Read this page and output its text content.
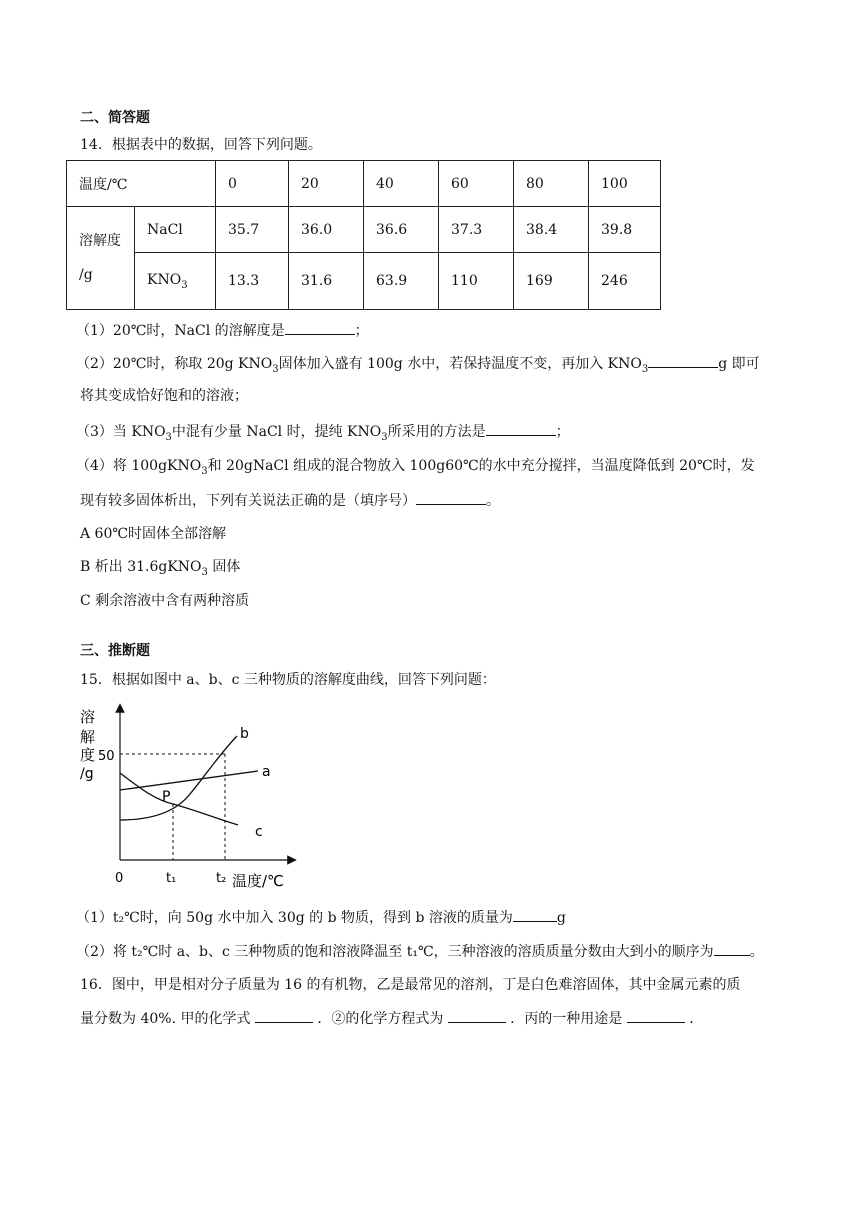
二、简答题
14．根据表中的数据，回答下列问题。
温度/℃		0	20	40	60	80	100

溶解度
/g	NaCl	35.7	36.0	36.6	37.3	38.4	39.8
	$KNO_3$	13.3	31.6	63.9	110	169	246
（1）20℃时，NaCl 的溶解度是	；
（2）20℃时，称取 20g $KNO_3$固体加入盛有 100g 水中，若保持温度不变，再加入 $KNO_3$	g 即可
将其变成恰好饱和的溶液；
（3）当 $KNO_3$中混有少量 NaCl 时，提纯 $KNO_3$所采用的方法是	；
（4）将 100gKNO$_3$和 20gNaCl 组成的混合物放入 100g60℃的水中充分搅拌，当温度降低到 20℃时，发
现有较多固体析出，下列有关说法正确的是（填序号）	。
A 60℃时固体全部溶解
B 析出 31.6gKNO$_3$ 固体
C 剩余溶液中含有两种溶质
三、推断题
15．根据如图中 a、b、c 三种物质的溶解度曲线，回答下列问题：
溶
解
度
/g
50
0	t₁	t₂ 温度/℃
P
a
b
c
（1）t₂℃时，向 50g 水中加入 30g 的 b 物质，得到 b 溶液的质量为	g
（2）将 t₂℃时 a、b、c 三种物质的饱和溶液降温至 t₁℃，三种溶液的溶质质量分数由大到小的顺序为	。
16．图中，甲是相对分子质量为 16 的有机物，乙是最常见的溶剂，丁是白色难溶固体，其中金属元素的质
量分数为 40%. 甲的化学式	．②的化学方程式为	．丙的一种用途是	．
